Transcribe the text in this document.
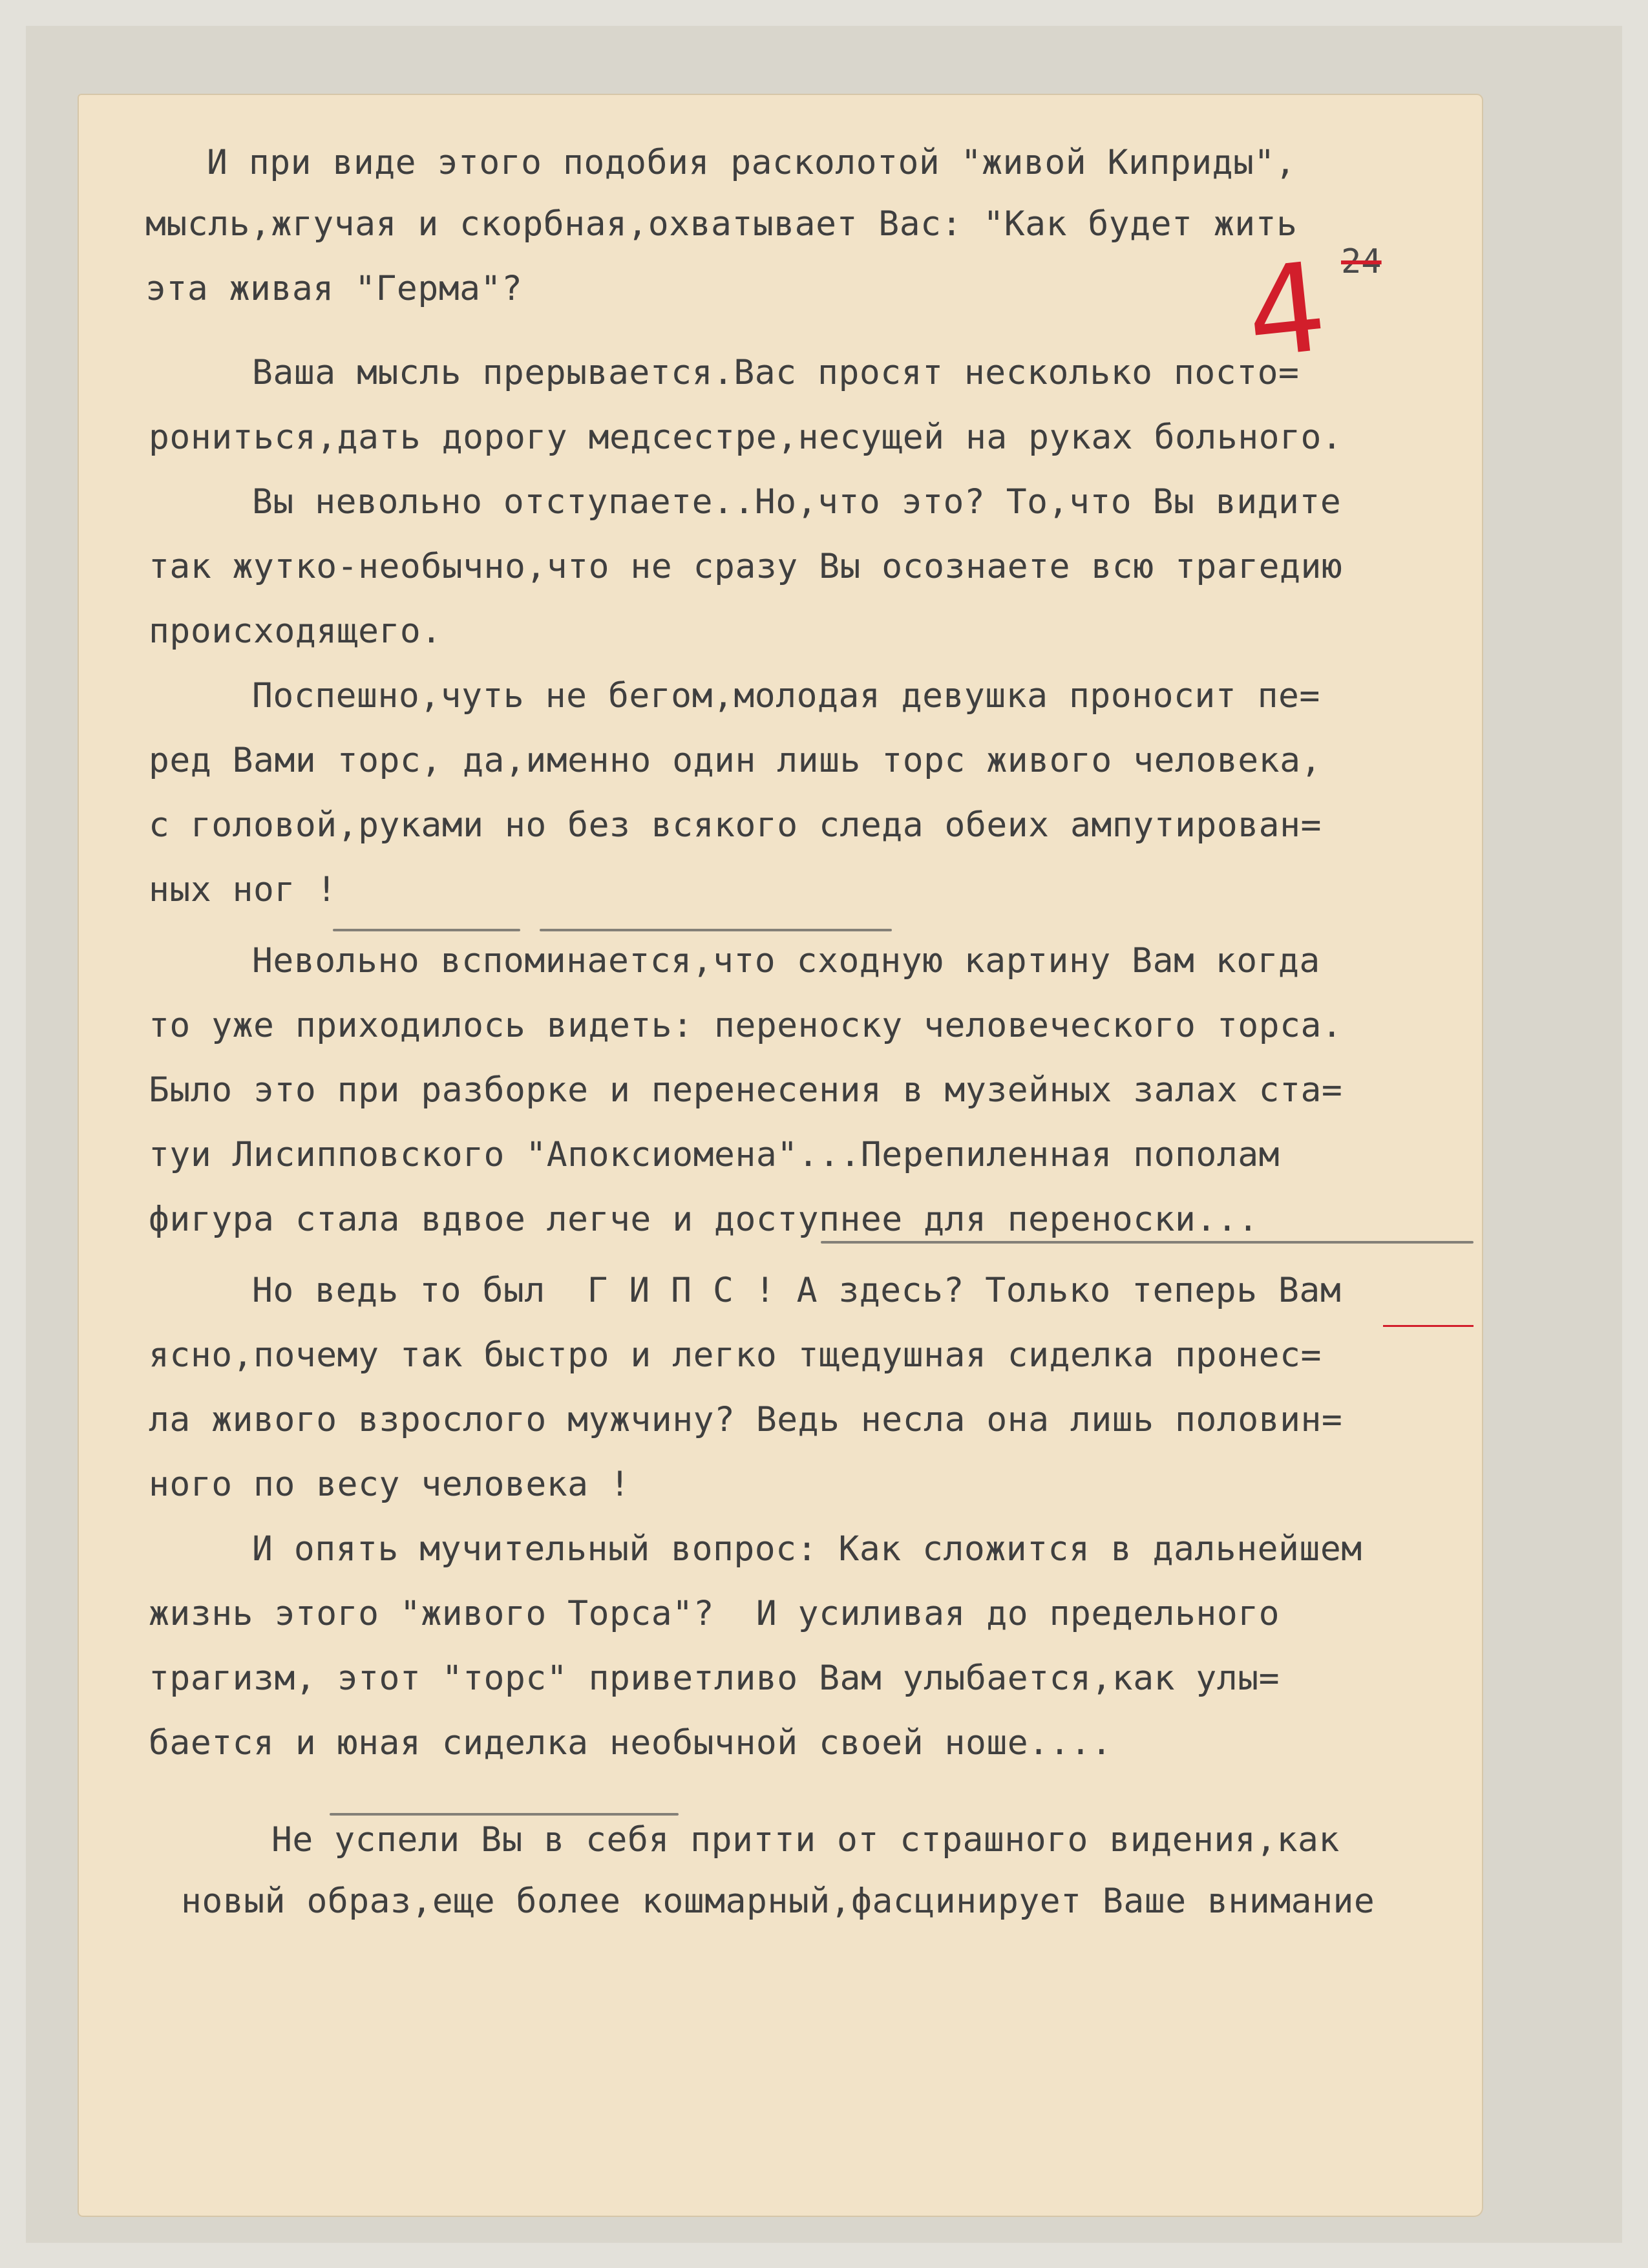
4 24
И при виде этого подобия расколотой "живой Киприды",
мысль,жгучая и скорбная,охватывает Вас: "Как будет жить
эта живая "Герма"?
Ваша мысль прерывается.Вас просят несколько посто=
рониться,дать дорогу медсестре,несущей на руках больного.
Вы невольно отступаете..Но,что это? То,что Вы видите
так жутко-необычно,что не сразу Вы осознаете всю трагедию
происходящего.
Поспешно,чуть не бегом,молодая девушка проносит пе=
ред Вами торс, да,именно один лишь торс живого человека,
с головой,руками но без всякого следа обеих ампутирован=
ных ног !
Невольно вспоминается,что сходную картину Вам когда
то уже приходилось видеть: переноску человеческого торса.
Было это при разборке и перенесения в музейных залах ста=
туи Лисипповского "Апоксиомена"...Перепиленная пополам
фигура стала вдвое легче и доступнее для переноски...
Но ведь то был  Г И П С ! А здесь? Только теперь Вам
ясно,почему так быстро и легко тщедушная сиделка пронес=
ла живого взрослого мужчину? Ведь несла она лишь половин=
ного по весу человека !
И опять мучительный вопрос: Как сложится в дальнейшем
жизнь этого "живого Торса"?  И усиливая до предельного
трагизм, этот "торс" приветливо Вам улыбается,как улы=
бается и юная сиделка необычной своей ноше....
Не успели Вы в себя притти от страшного видения,как
новый образ,еще более кошмарный,фасцинирует Ваше внимание
